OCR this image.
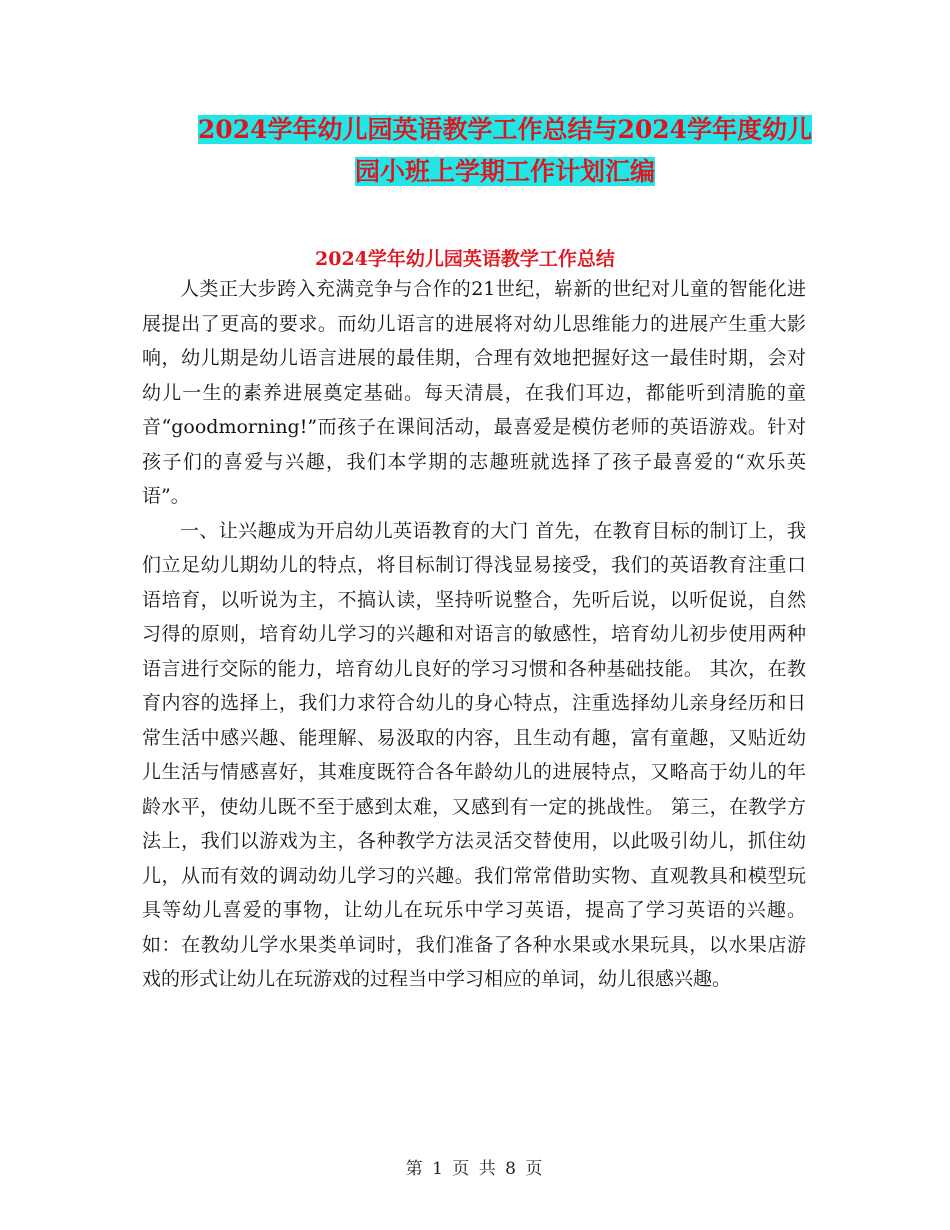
2024学年幼儿园英语教学工作总结与2024学年度幼儿
园小班上学期工作计划汇编
2024学年幼儿园英语教学工作总结

人类正大步跨入充满竞争与合作的21世纪，崭新的世纪对儿童的智能化进展提出了更高的要求。而幼儿语言的进展将对幼儿思维能力的进展产生重大影响，幼儿期是幼儿语言进展的最佳期，合理有效地把握好这一最佳时期，会对幼儿一生的素养进展奠定基础。每天清晨，在我们耳边，都能听到清脆的童音“goodmorning!”而孩子在课间活动，最喜爱是模仿老师的英语游戏。针对孩子们的喜爱与兴趣，我们本学期的志趣班就选择了孩子最喜爱的“欢乐英语”。

一、让兴趣成为开启幼儿英语教育的大门 首先，在教育目标的制订上，我们立足幼儿期幼儿的特点，将目标制订得浅显易接受，我们的英语教育注重口语培育，以听说为主，不搞认读，坚持听说整合，先听后说，以听促说，自然习得的原则，培育幼儿学习的兴趣和对语言的敏感性，培育幼儿初步使用两种语言进行交际的能力，培育幼儿良好的学习习惯和各种基础技能。 其次，在教育内容的选择上，我们力求符合幼儿的身心特点，注重选择幼儿亲身经历和日常生活中感兴趣、能理解、易汲取的内容，且生动有趣，富有童趣，又贴近幼儿生活与情感喜好，其难度既符合各年龄幼儿的进展特点，又略高于幼儿的年龄水平，使幼儿既不至于感到太难，又感到有一定的挑战性。 第三，在教学方法上，我们以游戏为主，各种教学方法灵活交替使用，以此吸引幼儿，抓住幼儿，从而有效的调动幼儿学习的兴趣。我们常常借助实物、直观教具和模型玩具等幼儿喜爱的事物，让幼儿在玩乐中学习英语，提高了学习英语的兴趣。如：在教幼儿学水果类单词时，我们准备了各种水果或水果玩具，以水果店游戏的形式让幼儿在玩游戏的过程当中学习相应的单词，幼儿很感兴趣。

第 1 页 共 8 页
